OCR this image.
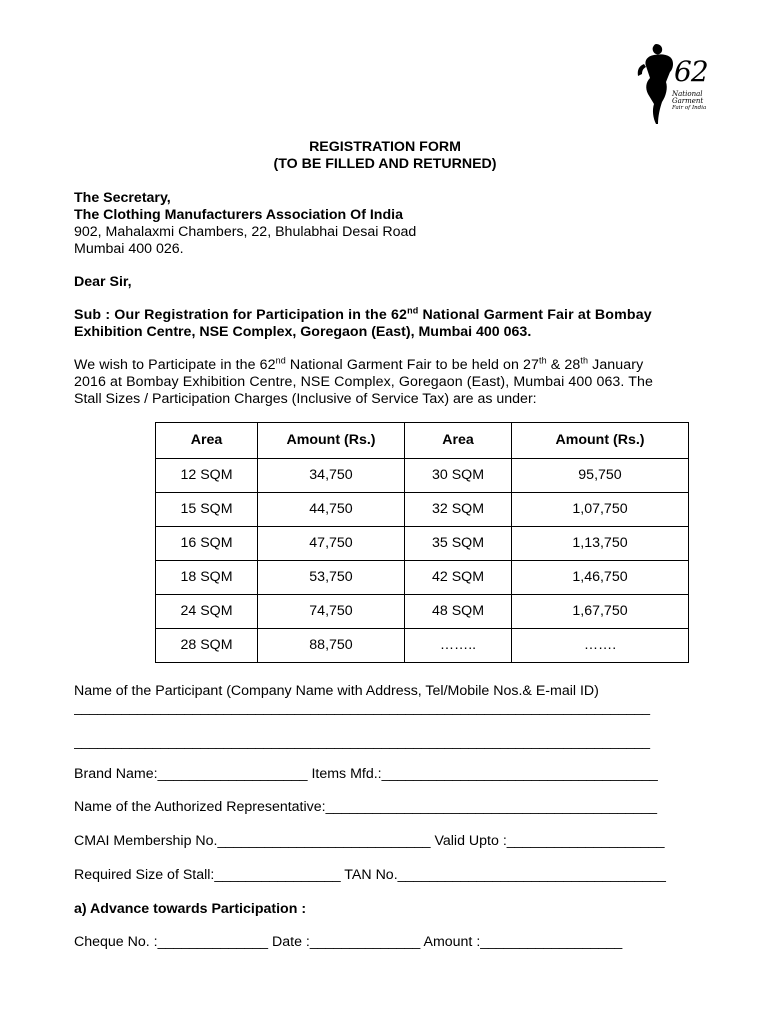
62
National
Garment
Fair of India
REGISTRATION FORM
(TO BE FILLED AND RETURNED)
The Secretary,
The Clothing Manufacturers Association Of India
902, Mahalaxmi Chambers, 22, Bhulabhai Desai Road
Mumbai 400 026.
Dear Sir,
Sub : Our Registration for Participation in the 62nd National Garment Fair at Bombay
Exhibition Centre, NSE Complex, Goregaon (East), Mumbai 400 063.
We wish to Participate in the 62nd National Garment Fair to be held on 27th & 28th January
2016 at Bombay Exhibition Centre, NSE Complex, Goregaon (East), Mumbai 400 063. The
Stall Sizes / Participation Charges (Inclusive of Service Tax) are as under:
Area	Amount (Rs.)	Area	Amount (Rs.)
12 SQM	34,750	30 SQM	95,750
15 SQM	44,750	32 SQM	1,07,750
16 SQM	47,750	35 SQM	1,13,750
18 SQM	53,750	42 SQM	1,46,750
24 SQM	74,750	48 SQM	1,67,750
28 SQM	88,750	……..	…….
Name of the Participant (Company Name with Address, Tel/Mobile Nos.& E-mail ID)
_________________________________________________________________________
_________________________________________________________________________
Brand Name:___________________ Items Mfd.:___________________________________
Name of the Authorized Representative:__________________________________________
CMAI Membership No.___________________________ Valid Upto :____________________
Required Size of Stall:________________ TAN No.__________________________________
a) Advance towards Participation :
Cheque No. :______________ Date :______________ Amount :__________________
